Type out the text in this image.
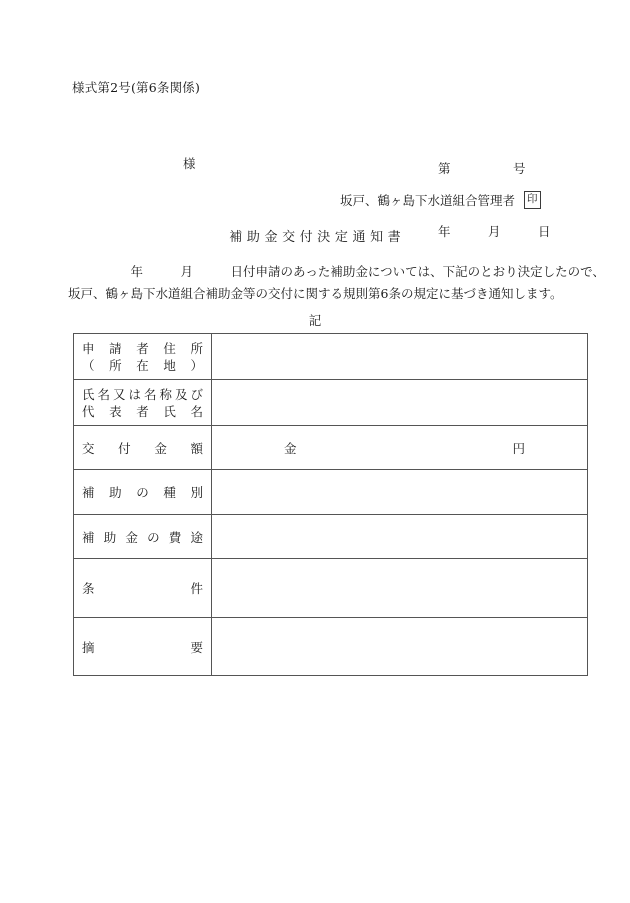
様式第2号(第6条関係)

第　　　　　号

年　　　月　　　日

様
坂戸、鶴ヶ島下水道組合管理者 印
補助金交付決定通知書
　　　　　年　　　月　　　日付申請のあった補助金については、下記のとおり決定したので、
坂戸、鶴ヶ島下水道組合補助金等の交付に関する規則第6条の規定に基づき通知します。
記
申請者住所
（所在地）	

氏名又は名称及び
代表者氏名	

交付金額	金 円

補助の種別	

補助金の費途	

条件	

摘要	
